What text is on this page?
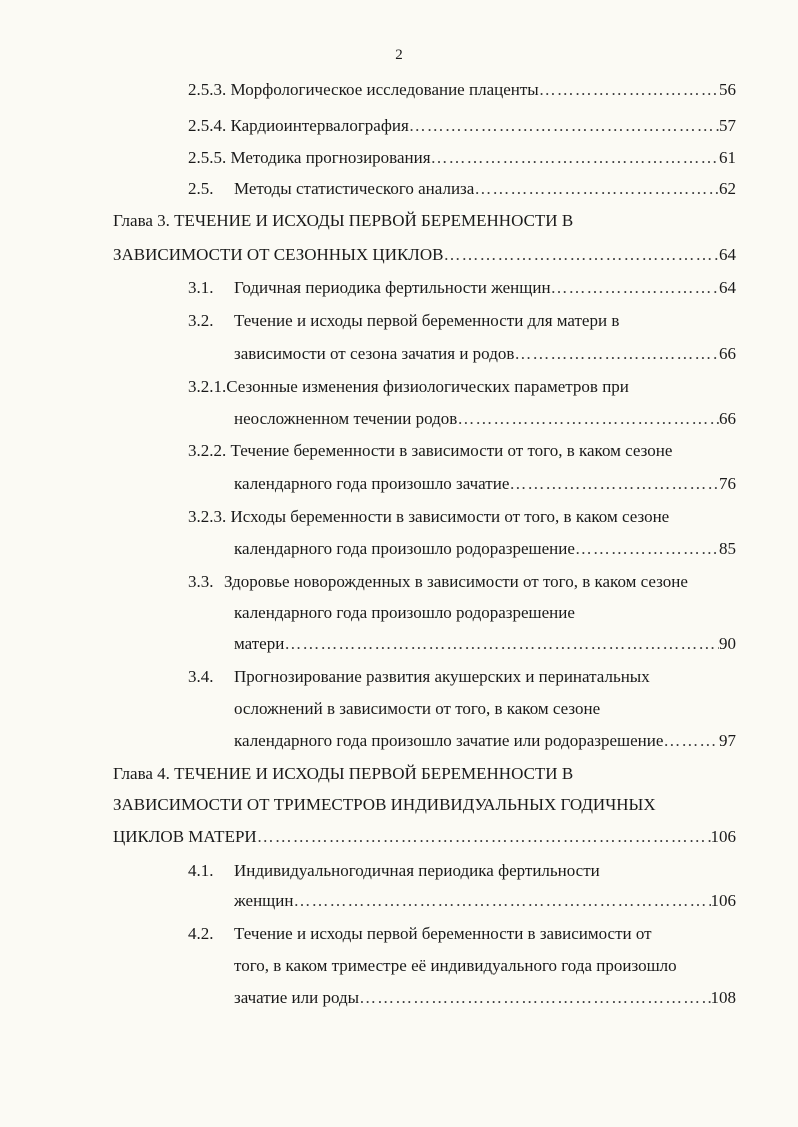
2
2.5.3. Морфологическое исследование плаценты ………………………………………………………………………………………………………………………………	56
2.5.4. Кардиоинтервалография ………………………………………………………………………………………………………………………………	57
2.5.5. Методика прогнозирования ………………………………………………………………………………………………………………………………	61
2.5. Методы статистического анализа ………………………………………………………………………………………………………………………………	62
Глава 3. ТЕЧЕНИЕ И ИСХОДЫ ПЕРВОЙ БЕРЕМЕННОСТИ В
ЗАВИСИМОСТИ ОТ СЕЗОННЫХ ЦИКЛОВ ………………………………………………………………………………………………………………………………	64
3.1. Годичная периодика фертильности женщин ………………………………………………………………………………………………………………………………	64
3.2. Течение и исходы первой беременности для матери в
зависимости от сезона зачатия и родов ………………………………………………………………………………………………………………………………	66
3.2.1.Сезонные изменения физиологических параметров при
неосложненном течении родов ………………………………………………………………………………………………………………………………	66
3.2.2. Течение беременности в зависимости от того, в каком сезоне
календарного года произошло зачатие ………………………………………………………………………………………………………………………………	76
3.2.3. Исходы беременности в зависимости от того, в каком сезоне
календарного года произошло родоразрешение ………………………………………………………………………………………………………………………………	85
3.3. Здоровье новорожденных в зависимости от того, в каком сезоне
календарного года произошло родоразрешение
матери ………………………………………………………………………………………………………………………………	90
3.4. Прогнозирование развития акушерских и перинатальных
осложнений в зависимости от того, в каком сезоне
календарного года произошло зачатие или родоразрешение ………………………………………………………………………………………………………………………………	97
Глава 4. ТЕЧЕНИЕ И ИСХОДЫ ПЕРВОЙ БЕРЕМЕННОСТИ В
ЗАВИСИМОСТИ ОТ ТРИМЕСТРОВ ИНДИВИДУАЛЬНЫХ ГОДИЧНЫХ
ЦИКЛОВ МАТЕРИ ………………………………………………………………………………………………………………………………	106
4.1. Индивидуальногодичная периодика фертильности
женщин ………………………………………………………………………………………………………………………………	106
4.2. Течение и исходы первой беременности в зависимости от
того, в каком триместре её индивидуального года произошло
зачатие или роды ………………………………………………………………………………………………………………………………	108
